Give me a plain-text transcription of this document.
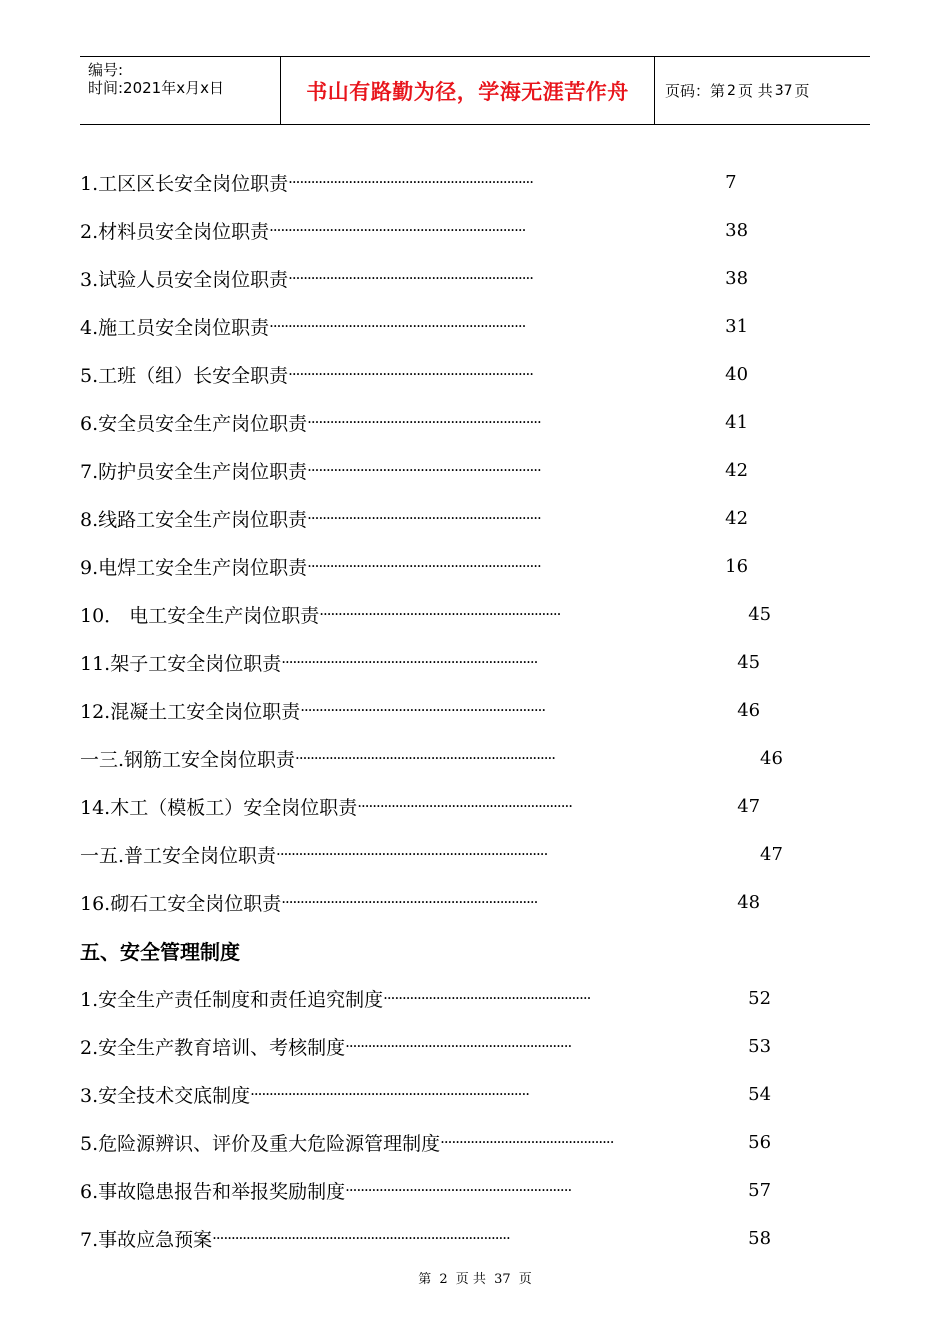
编号:
时间:2021年x月x日	书山有路勤为径，学海无涯苦作舟 页码：第 2 页 共 37 页
1.工区区长安全岗位职责 ·································································	7
2.材料员安全岗位职责 ····································································	38
3.试验人员安全岗位职责 ·································································	38
4.施工员安全岗位职责 ····································································	31
5.工班（组）长安全职责 ·································································	40
6.安全员安全生产岗位职责 ······························································	41
7.防护员安全生产岗位职责 ······························································	42
8.线路工安全生产岗位职责 ······························································	42
9.电焊工安全生产岗位职责 ······························································	16
10． 电工安全生产岗位职责 ································································	45
11.架子工安全岗位职责 ····································································	45
12.混凝土工安全岗位职责 ·································································	46
一三.钢筋工安全岗位职责 ·····································································	46
14.木工（模板工）安全岗位职责 ·························································	47
一五.普工安全岗位职责 ········································································	47
16.砌石工安全岗位职责 ····································································	48
五、安全管理制度
1.安全生产责任制度和责任追究制度 ·······················································	52
2.安全生产教育培训、考核制度 ····························································	53
3.安全技术交底制度 ··········································································	54
5.危险源辨识、评价及重大危险源管理制度 ··············································	56
6.事故隐患报告和举报奖励制度 ····························································	57
7.事故应急预案 ···············································································	58
第 2 页 共 37 页
